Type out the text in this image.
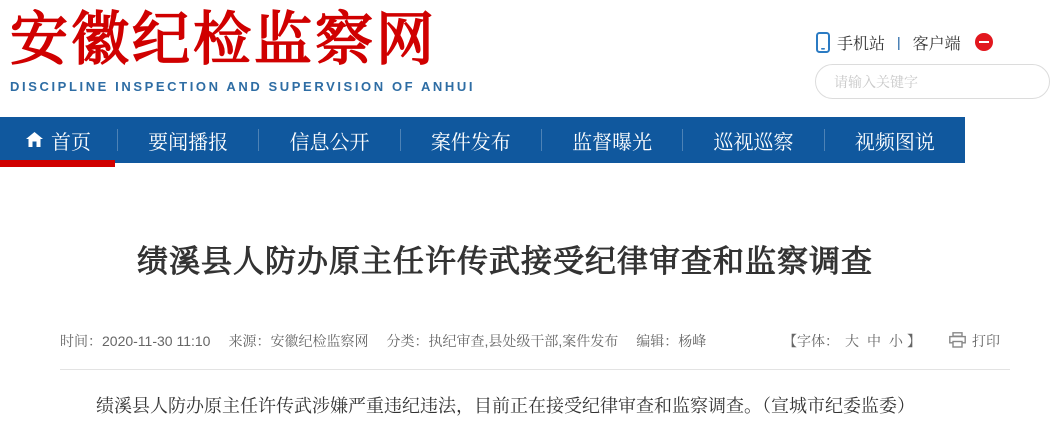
安徽纪检监察网
DISCIPLINE INSPECTION AND SUPERVISION OF ANHUI
手机站 | 客户端
请输入关键字
首页	要闻播报	信息公开	案件发布	监督曝光	巡视巡察	视频图说
绩溪县人防办原主任许传武接受纪律审查和监察调查
时间：2020-11-30 11:10 来源：安徽纪检监察网 分类：执纪审查,县处级干部,案件发布 编辑：杨峰	【字体： 大 中 小 】	打印

绩溪县人防办原主任许传武涉嫌严重违纪违法，目前正在接受纪律审查和监察调查。（宣城市纪委监委）
